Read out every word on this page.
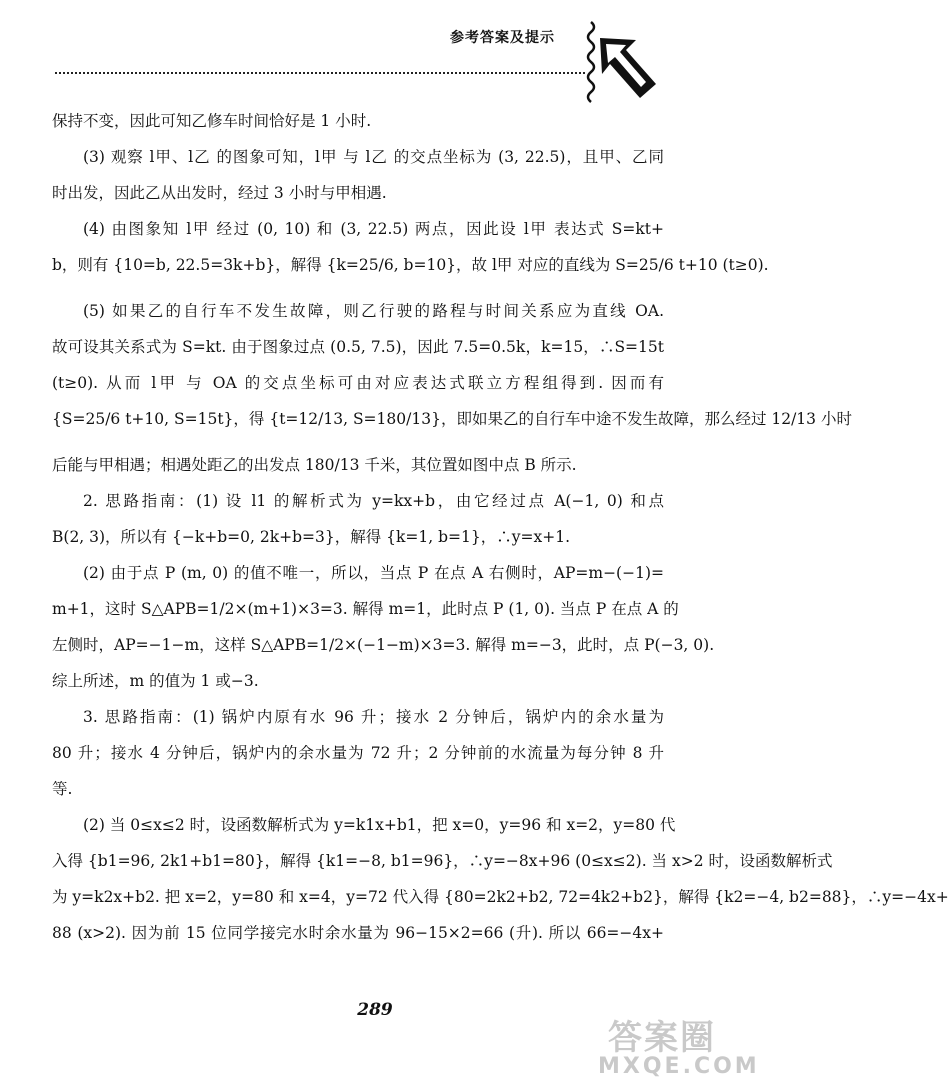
参考答案及提示

保持不变，因此可知乙修车时间恰好是 1 小时.

(3) 观察 l甲、l乙 的图象可知，l甲 与 l乙 的交点坐标为 (3, 22.5)，且甲、乙同

时出发，因此乙从出发时，经过 3 小时与甲相遇.

(4) 由图象知 l甲 经过 (0, 10) 和 (3, 22.5) 两点，因此设 l甲 表达式 S=kt+

b，则有 {10=b, 22.5=3k+b}，解得 {k=25/6, b=10}，故 l甲 对应的直线为 S=25/6 t+10 (t≥0).

(5) 如果乙的自行车不发生故障，则乙行驶的路程与时间关系应为直线 OA.

故可设其关系式为 S=kt. 由于图象过点 (0.5, 7.5)，因此 7.5=0.5k，k=15，∴S=15t

(t≥0). 从而 l甲 与 OA 的交点坐标可由对应表达式联立方程组得到. 因而有

{S=25/6 t+10, S=15t}，得 {t=12/13, S=180/13}，即如果乙的自行车中途不发生故障，那么经过 12/13 小时

后能与甲相遇；相遇处距乙的出发点 180/13 千米，其位置如图中点 B 所示.

2. 思路指南：(1) 设 l1 的解析式为 y=kx+b，由它经过点 A(−1, 0) 和点

B(2, 3)，所以有 {−k+b=0, 2k+b=3}，解得 {k=1, b=1}，∴y=x+1.

(2) 由于点 P (m, 0) 的值不唯一，所以，当点 P 在点 A 右侧时，AP=m−(−1)=

m+1，这时 S△APB=1/2×(m+1)×3=3. 解得 m=1，此时点 P (1, 0). 当点 P 在点 A 的

左侧时，AP=−1−m，这样 S△APB=1/2×(−1−m)×3=3. 解得 m=−3，此时，点 P(−3, 0).

综上所述，m 的值为 1 或−3.

3. 思路指南：(1) 锅炉内原有水 96 升；接水 2 分钟后，锅炉内的余水量为

80 升；接水 4 分钟后，锅炉内的余水量为 72 升；2 分钟前的水流量为每分钟 8 升

等.

(2) 当 0≤x≤2 时，设函数解析式为 y=k1x+b1，把 x=0，y=96 和 x=2，y=80 代

入得 {b1=96, 2k1+b1=80}，解得 {k1=−8, b1=96}，∴y=−8x+96 (0≤x≤2). 当 x>2 时，设函数解析式

为 y=k2x+b2. 把 x=2，y=80 和 x=4，y=72 代入得 {80=2k2+b2, 72=4k2+b2}，解得 {k2=−4, b2=88}，∴y=−4x+

88 (x>2). 因为前 15 位同学接完水时余水量为 96−15×2=66 (升). 所以 66=−4x+

289
答案圈
MXQE.COM
